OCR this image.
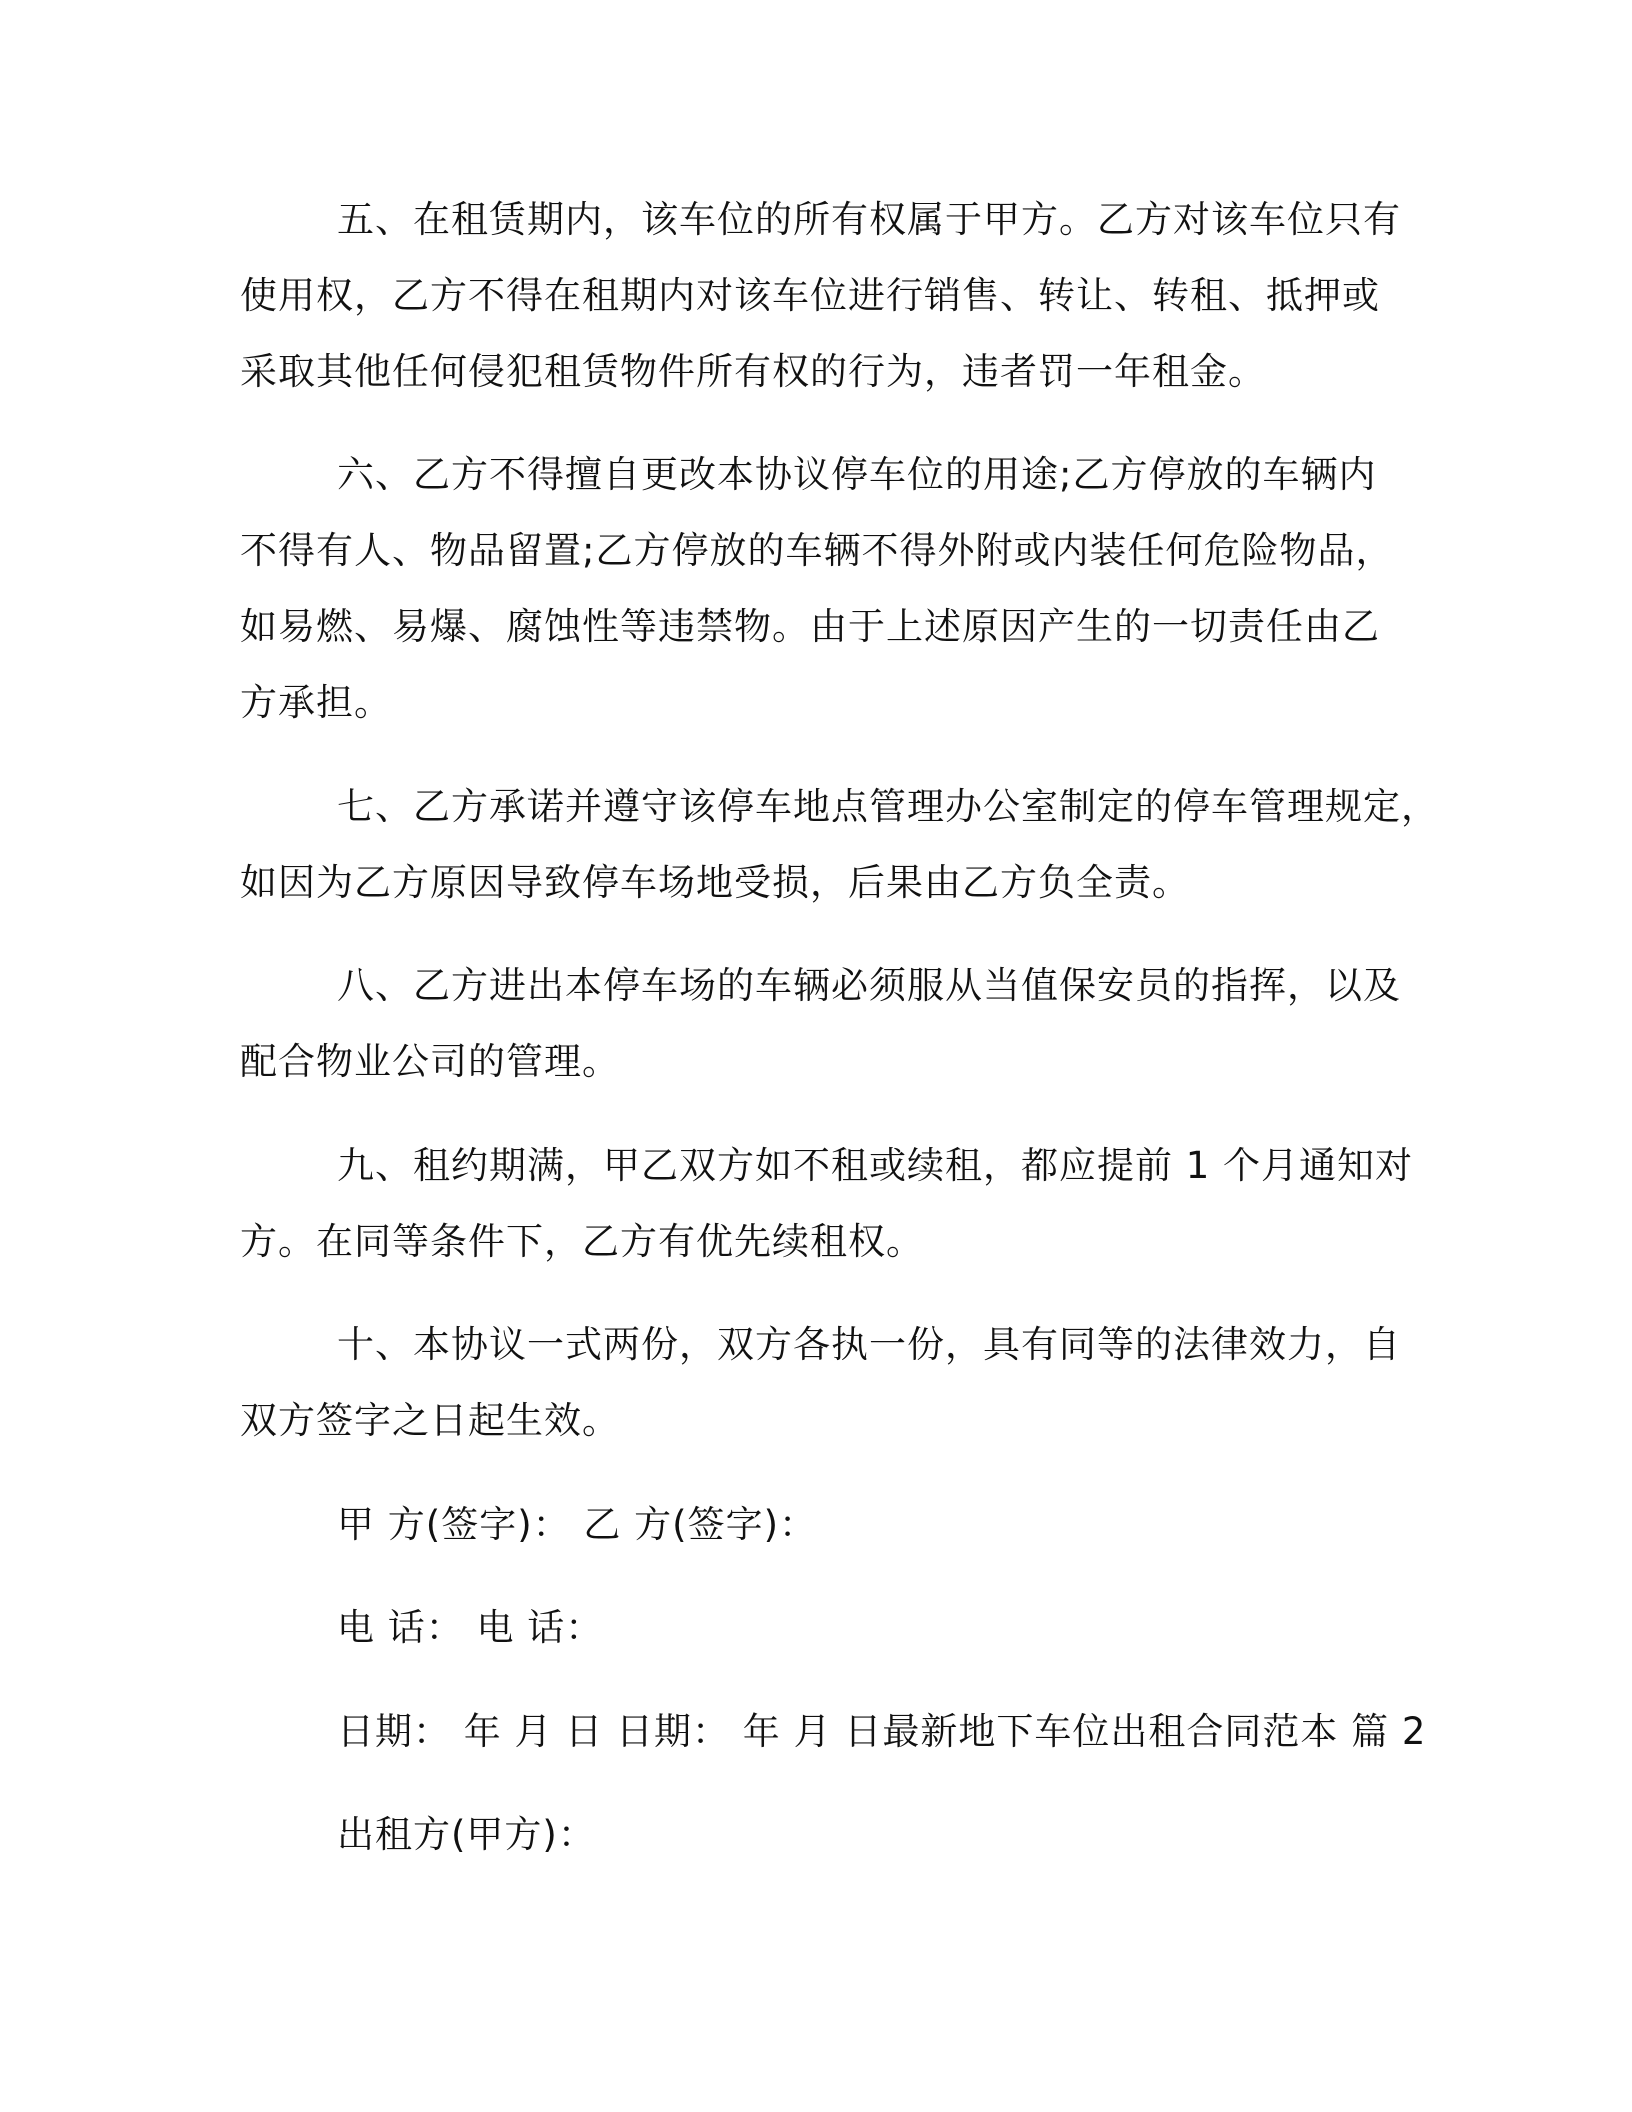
五、在租赁期内，该车位的所有权属于甲方。乙方对该车位只有
使用权，乙方不得在租期内对该车位进行销售、转让、转租、抵押或
采取其他任何侵犯租赁物件所有权的行为，违者罚一年租金。
六、乙方不得擅自更改本协议停车位的用途;乙方停放的车辆内
不得有人、物品留置;乙方停放的车辆不得外附或内装任何危险物品，
如易燃、易爆、腐蚀性等违禁物。由于上述原因产生的一切责任由乙
方承担。
七、乙方承诺并遵守该停车地点管理办公室制定的停车管理规定，
如因为乙方原因导致停车场地受损，后果由乙方负全责。
八、乙方进出本停车场的车辆必须服从当值保安员的指挥，以及
配合物业公司的管理。
九、租约期满，甲乙双方如不租或续租，都应提前 1 个月通知对
方。在同等条件下，乙方有优先续租权。
十、本协议一式两份，双方各执一份，具有同等的法律效力，自
双方签字之日起生效。
甲 方(签字)： 乙 方(签字)：
电 话： 电 话：
日期： 年 月 日 日期： 年 月 日最新地下车位出租合同范本 篇 2
出租方(甲方)：
